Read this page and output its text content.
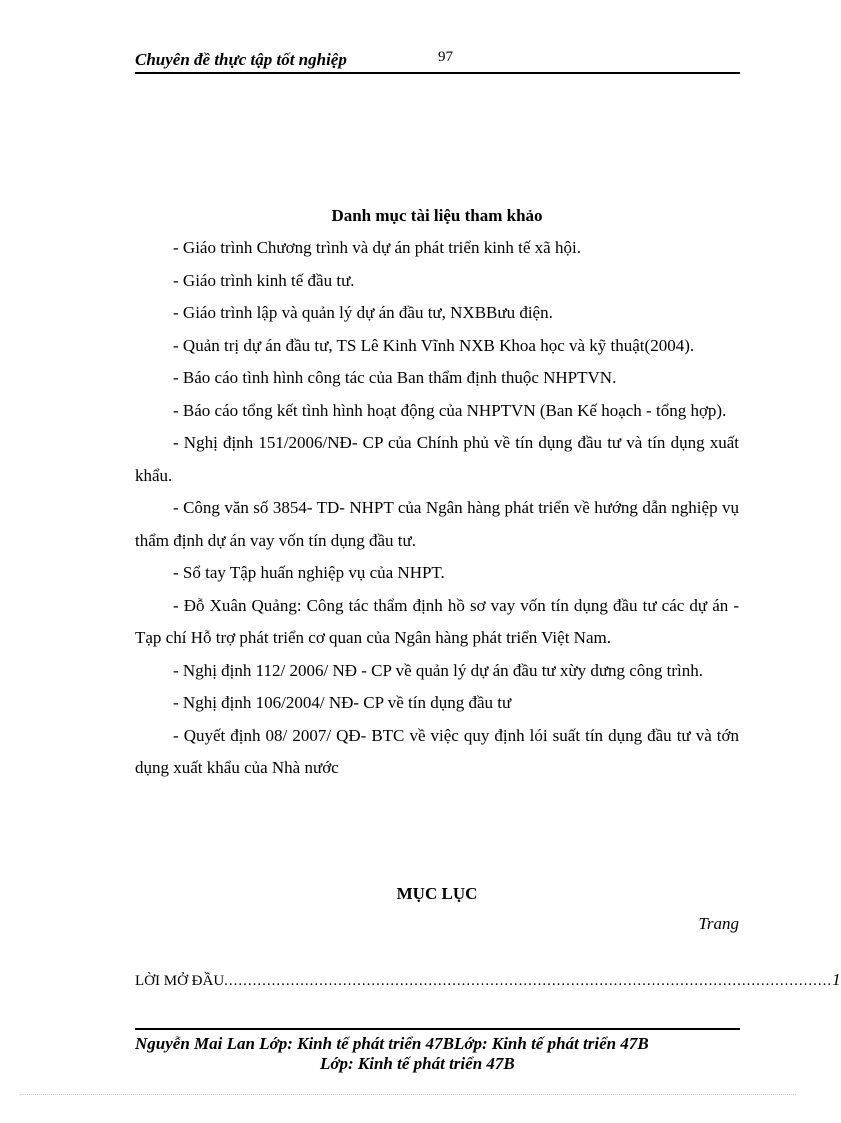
Chuyên đề thực tập tốt nghiệp	97
Danh mục tài liệu tham khảo

- Giáo trình Chương trình và dự án phát triển kinh tế xã hội.

- Giáo trình kinh tế đầu tư.

- Giáo trình lập và quản lý dự án đầu tư, NXBBưu điện.

- Quản trị dự án đầu tư, TS Lê Kinh Vĩnh NXB Khoa học và kỹ thuật(2004).

- Báo cáo tình hình công tác của Ban thẩm định thuộc NHPTVN.

- Báo cáo tổng kết tình hình hoạt động của NHPTVN (Ban Kế hoạch - tổng hợp).

- Nghị định 151/2006/NĐ- CP của Chính phủ về tín dụng đầu tư và tín dụng xuất khẩu.

- Công văn số 3854- TD- NHPT của Ngân hàng phát triển về hướng dẫn nghiệp vụ thẩm định dự án vay vốn tín dụng đầu tư.

- Sổ tay Tập huấn nghiệp vụ của NHPT.

- Đỗ Xuân Quảng: Công tác thẩm định hồ sơ vay vốn tín dụng đầu tư các dự án - Tạp chí Hỗ trợ phát triển cơ quan của Ngân hàng phát triển Việt Nam.

- Nghị định 112/ 2006/ NĐ - CP về quản lý dự án đầu tư xừy dưng công trình.

- Nghị định 106/2004/ NĐ- CP về tín dụng đầu tư

- Quyết định 08/ 2007/ QĐ- BTC về việc quy định lói suất tín dụng đầu tư và tớn dụng xuất khẩu của Nhà nước

MỤC LỤC
Trang
LỜI MỞ ĐẦU ................................................................................................................................ 1
Nguyễn Mai Lan Lớp: Kinh tế phát triển 47BLớp: Kinh tế phát triển 47B
Lớp: Kinh tế phát triển 47B
